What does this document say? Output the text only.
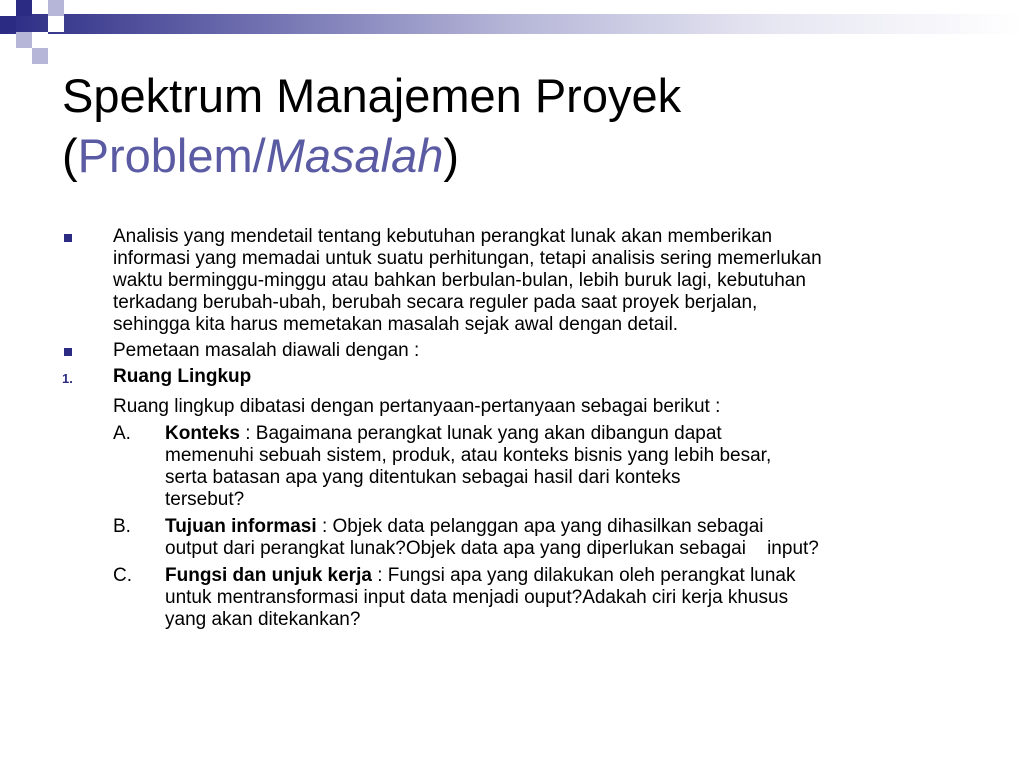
Spektrum Manajemen Proyek
(Problem/Masalah)
Analisis yang mendetail tentang kebutuhan perangkat lunak akan memberikan
informasi yang memadai untuk suatu perhitungan, tetapi analisis sering memerlukan
waktu berminggu-minggu atau bahkan berbulan-bulan, lebih buruk lagi, kebutuhan
terkadang berubah-ubah, berubah secara reguler pada saat proyek berjalan,
sehingga kita harus memetakan masalah sejak awal dengan detail.
Pemetaan masalah diawali dengan :
1. Ruang Lingkup
Ruang lingkup dibatasi dengan pertanyaan-pertanyaan sebagai berikut :
A. Konteks : Bagaimana perangkat lunak yang akan dibangun dapat
memenuhi sebuah sistem, produk, atau konteks bisnis yang lebih besar,
serta batasan apa yang ditentukan sebagai hasil dari konteks
tersebut?
B. Tujuan informasi : Objek data pelanggan apa yang dihasilkan sebagai
output dari perangkat lunak?Objek data apa yang diperlukan sebagai    input?
C. Fungsi dan unjuk kerja : Fungsi apa yang dilakukan oleh perangkat lunak
untuk mentransformasi input data menjadi ouput?Adakah ciri kerja khusus
yang akan ditekankan?
